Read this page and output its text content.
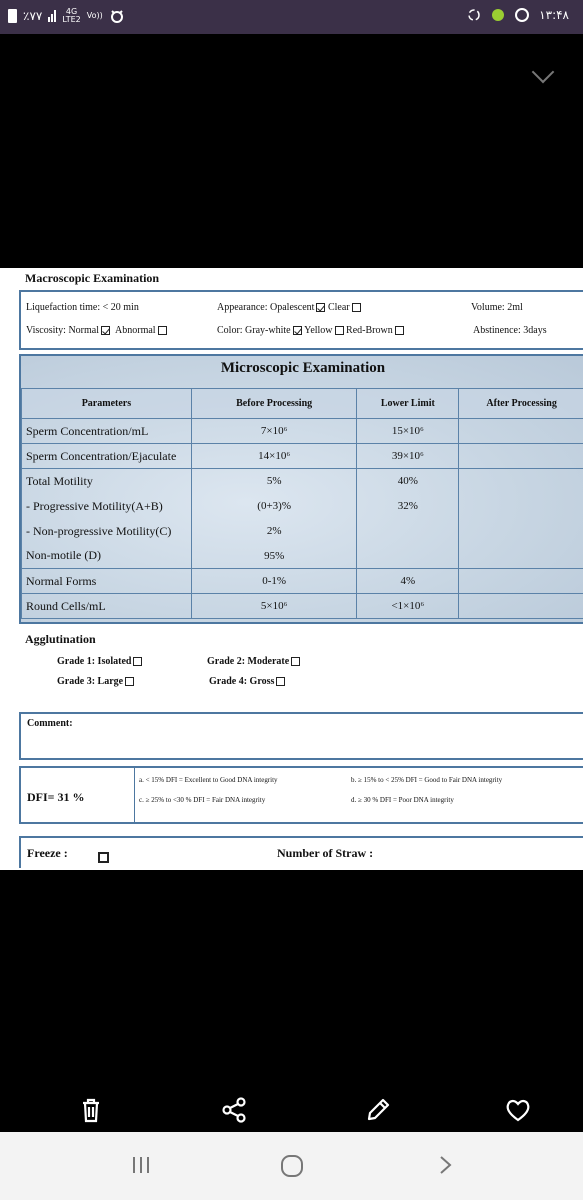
٪۷۷	4G
LTE2 Vo))	۱۳:۴۸
Macroscopic Examination
Liquefaction time: < 20 min	Appearance: Opalescent Clear	Volume: 2ml
Viscosity: Normal Abnormal	Color: Gray-white Yellow Red-Brown	Abstinence: 3days
Microscopic Examination
Parameters	Before Processing	Lower Limit	After Processing
Sperm Concentration/mL	7×10⁶	15×10⁶	
Sperm Concentration/Ejaculate	14×10⁶	39×10⁶	
Total Motility	5%	40%	
- Progressive Motility(A+B)	(0+3)%	32%	
- Non-progressive Motility(C)	2%		
Non-motile (D)	95%		
Normal Forms	0-1%	4%	
Round Cells/mL	5×10⁶	<1×10⁶	
Agglutination
Grade 1: Isolated	Grade 2: Moderate
Grade 3: Large	Grade 4: Gross
Comment:
DFI= 31 %
a. < 15% DFI = Excellent to Good DNA integrity	b. ≥ 15% to < 25% DFI = Good to Fair DNA integrity
c. ≥ 25% to <30 % DFI = Fair DNA integrity	d. ≥ 30 % DFI = Poor DNA integrity
Freeze :	Number of Straw :
